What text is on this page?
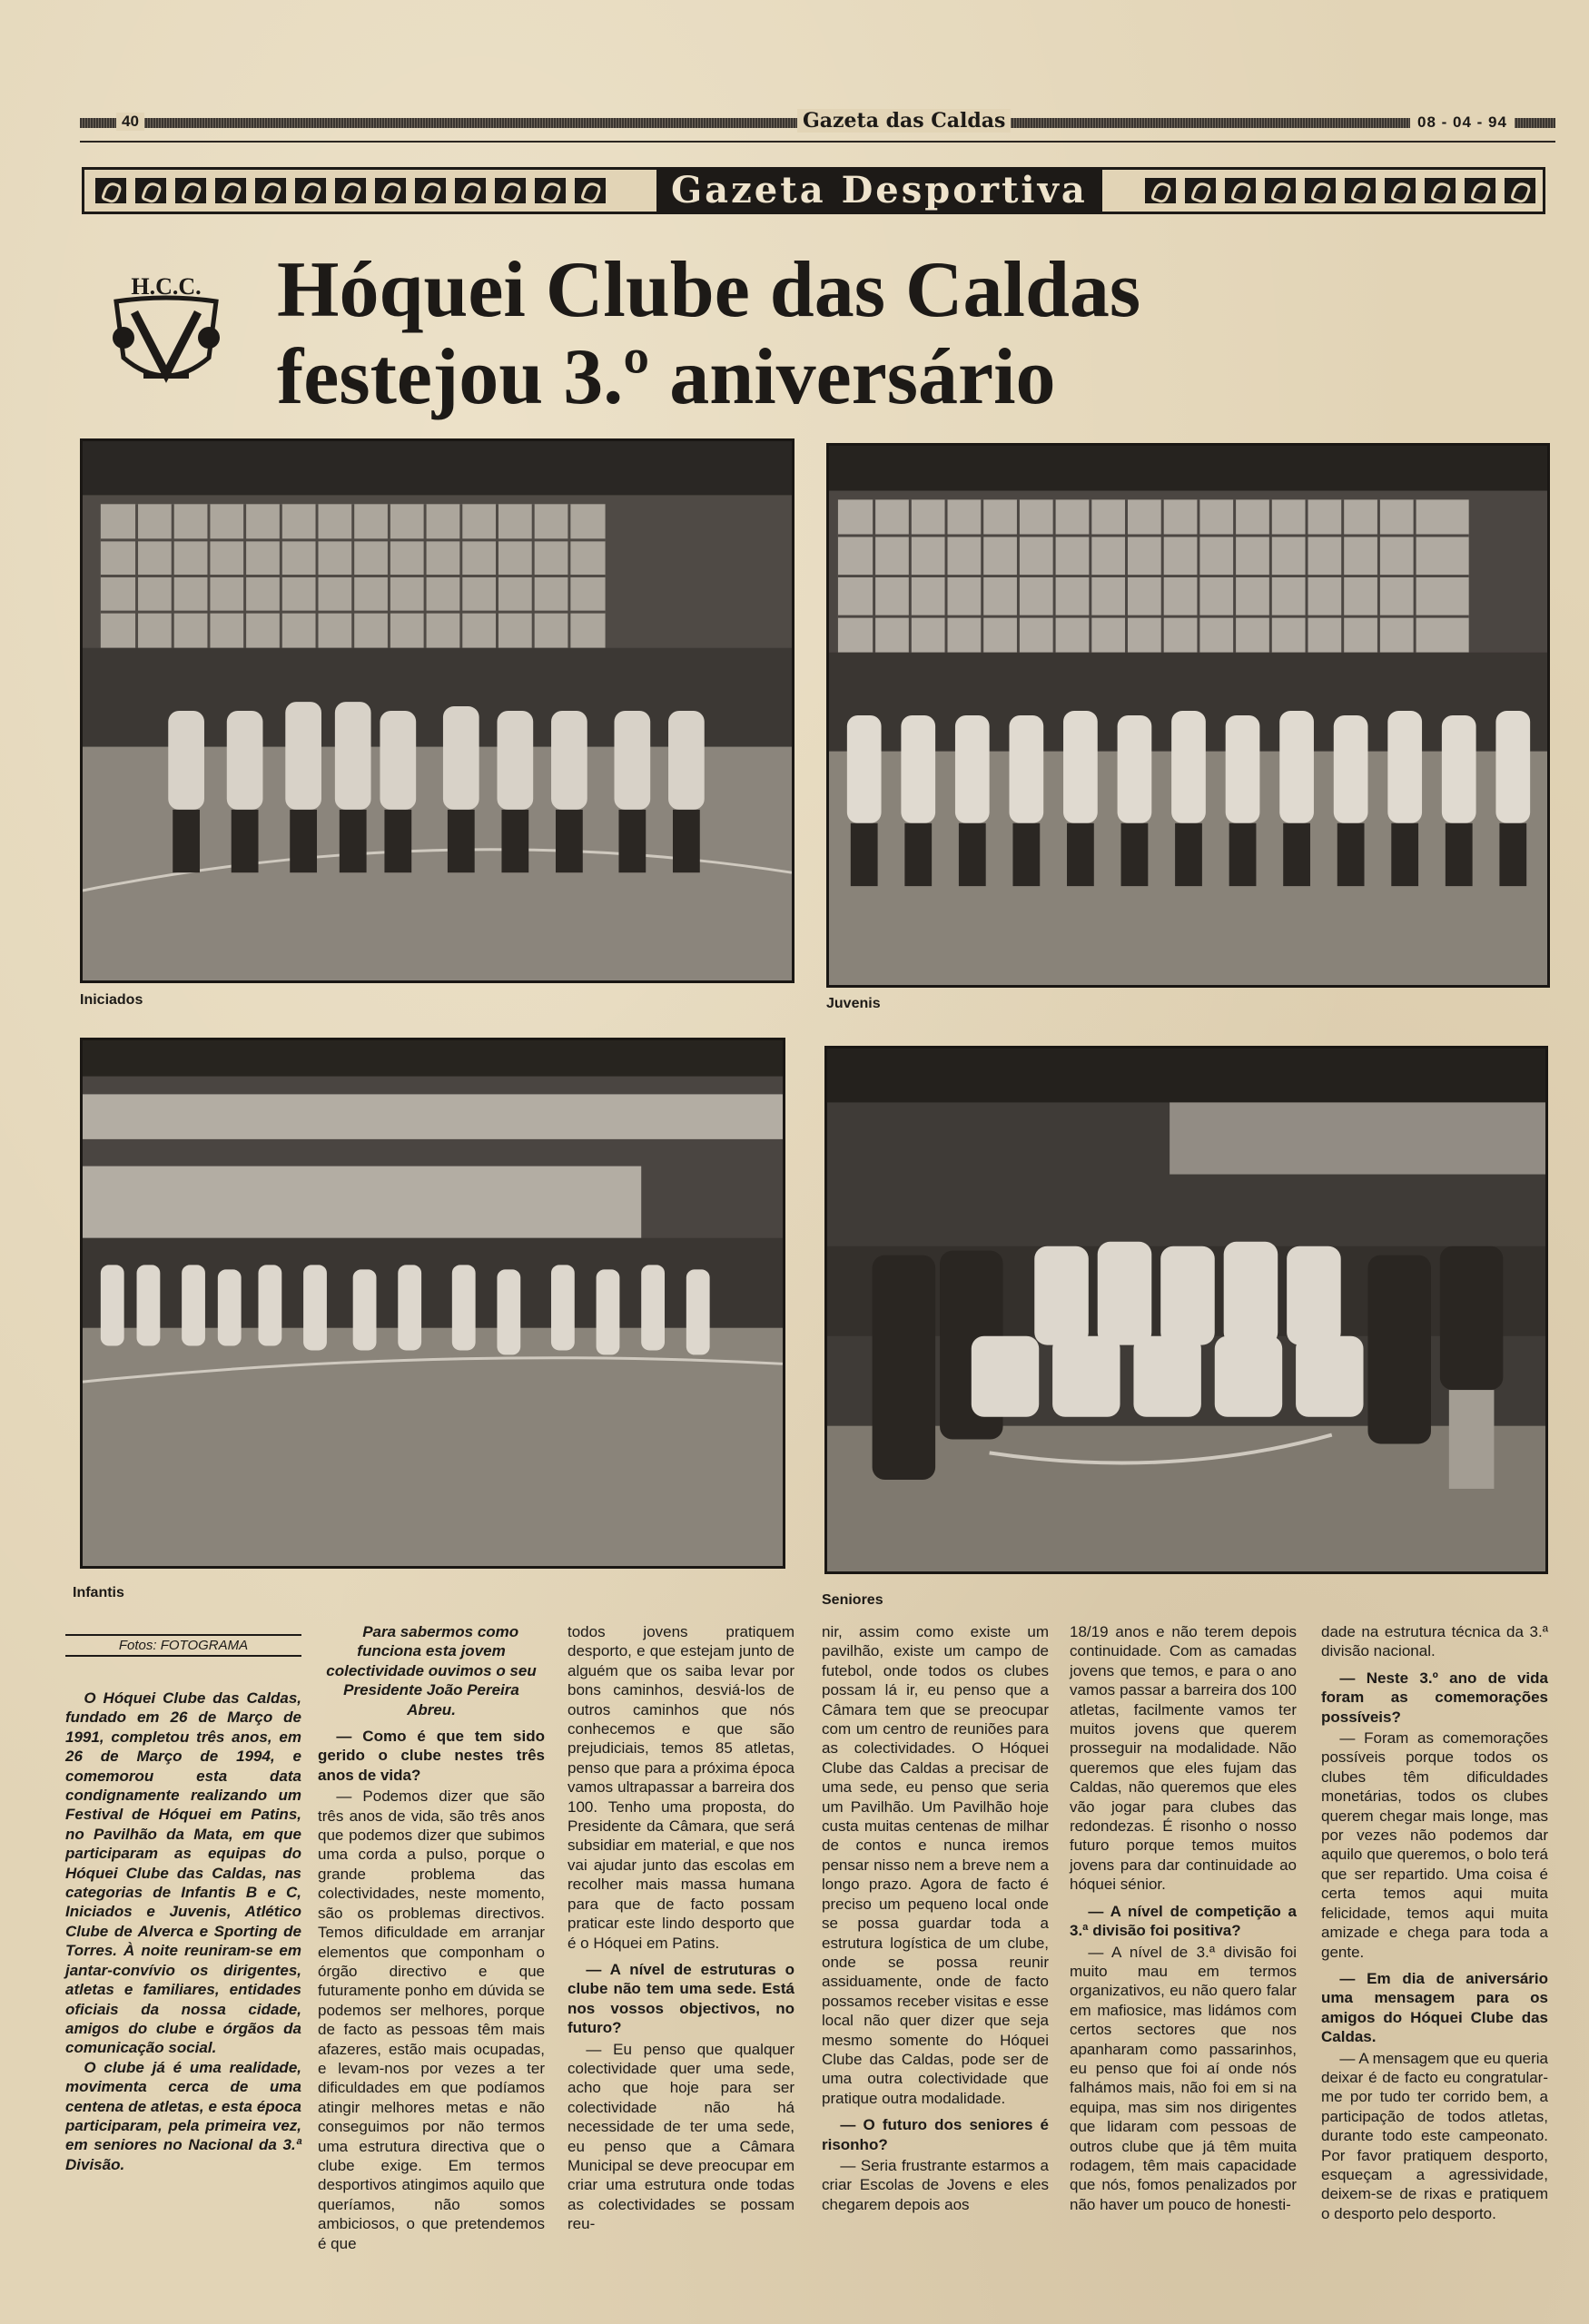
40	Gazeta das Caldas	08 - 04 - 94
Gazeta Desportiva
H.C.C. Hóquei Clube das Caldas
festejou 3.º aniversário
Iniciados	Juvenis
Infantis	Seniores
Fotos: FOTOGRAMA

O Hóquei Clube das Caldas, fundado em 26 de Março de 1991, completou três anos, em 26 de Março de 1994, e comemorou esta data condignamente realizando um Festival de Hóquei em Patins, no Pavilhão da Mata, em que participaram as equipas do Hóquei Clube das Caldas, nas categorias de Infantis B e C, Iniciados e Juvenis, Atlético Clube de Alverca e Sporting de Torres. À noite reuniram-se em jantar-convívio os dirigentes, atletas e familiares, entidades oficiais da nossa cidade, amigos do clube e órgãos da comunicação social.

O clube já é uma realidade, movimenta cerca de uma centena de atletas, e esta época participaram, pela primeira vez, em seniores no Nacional da 3.ª Divisão.

Para sabermos como funciona esta jovem colectividade ouvimos o seu Presidente João Pereira Abreu.

— Como é que tem sido gerido o clube nestes três anos de vida?

— Podemos dizer que são três anos de vida, são três anos que podemos dizer que subimos uma corda a pulso, porque o grande problema das colectividades, neste momento, são os problemas directivos. Temos dificuldade em arranjar elementos que componham o órgão directivo e que futuramente ponho em dúvida se podemos ser melhores, porque de facto as pessoas têm mais afazeres, estão mais ocupadas, e levam-nos por vezes a ter dificuldades em que podíamos atingir melhores metas e não conseguimos por não termos uma estrutura directiva que o clube exige. Em termos desportivos atingimos aquilo que queríamos, não somos ambiciosos, o que pretendemos é que

todos jovens pratiquem desporto, e que estejam junto de alguém que os saiba levar por bons caminhos, desviá-los de outros caminhos que nós conhecemos e que são prejudiciais, temos 85 atletas, penso que para a próxima época vamos ultrapassar a barreira dos 100. Tenho uma proposta, do Presidente da Câmara, que será subsidiar em material, e que nos vai ajudar junto das escolas em recolher mais massa humana para que de facto possam praticar este lindo desporto que é o Hóquei em Patins.

— A nível de estruturas o clube não tem uma sede. Está nos vossos objectivos, no futuro?

— Eu penso que qualquer colectividade quer uma sede, acho que hoje para ser colectividade não há necessidade de ter uma sede, eu penso que a Câmara Municipal se deve preocupar em criar uma estrutura onde todas as colectividades se possam reu-

nir, assim como existe um pavilhão, existe um campo de futebol, onde todos os clubes possam lá ir, eu penso que a Câmara tem que se preocupar com um centro de reuniões para as colectividades. O Hóquei Clube das Caldas a precisar de uma sede, eu penso que seria um Pavilhão. Um Pavilhão hoje custa muitas centenas de milhar de contos e nunca iremos pensar nisso nem a breve nem a longo prazo. Agora de facto é preciso um pequeno local onde se possa guardar toda a estrutura logística de um clube, onde se possa reunir assiduamente, onde de facto possamos receber visitas e esse local não quer dizer que seja mesmo somente do Hóquei Clube das Caldas, pode ser de uma outra colectividade que pratique outra modalidade.

— O futuro dos seniores é risonho?

— Seria frustrante estarmos a criar Escolas de Jovens e eles chegarem depois aos

18/19 anos e não terem depois continuidade. Com as camadas jovens que temos, e para o ano vamos passar a barreira dos 100 atletas, facilmente vamos ter muitos jovens que querem prosseguir na modalidade. Não queremos que eles fujam das Caldas, não queremos que eles vão jogar para clubes das redondezas. É risonho o nosso futuro porque temos muitos jovens para dar continuidade ao hóquei sénior.

— A nível de competição a 3.ª divisão foi positiva?

— A nível de 3.ª divisão foi muito mau em termos organizativos, eu não quero falar em mafiosice, mas lidámos com certos sectores que nos apanharam como passarinhos, eu penso que foi aí onde nós falhámos mais, não foi em si na equipa, mas sim nos dirigentes que lidaram com pessoas de outros clube que já têm muita rodagem, têm mais capacidade que nós, fomos penalizados por não haver um pouco de honesti-

dade na estrutura técnica da 3.ª divisão nacional.

— Neste 3.º ano de vida foram as comemorações possíveis?

— Foram as comemorações possíveis porque todos os clubes têm dificuldades monetárias, todos os clubes querem chegar mais longe, mas por vezes não podemos dar aquilo que queremos, o bolo terá que ser repartido. Uma coisa é certa temos aqui muita felicidade, temos aqui muita amizade e chega para toda a gente.

— Em dia de aniversário uma mensagem para os amigos do Hóquei Clube das Caldas.

— A mensagem que eu queria deixar é de facto eu congratular-me por tudo ter corrido bem, a participação de todos atletas, durante todo este campeonato. Por favor pratiquem desporto, esqueçam a agressividade, deixem-se de rixas e pratiquem o desporto pelo desporto.
